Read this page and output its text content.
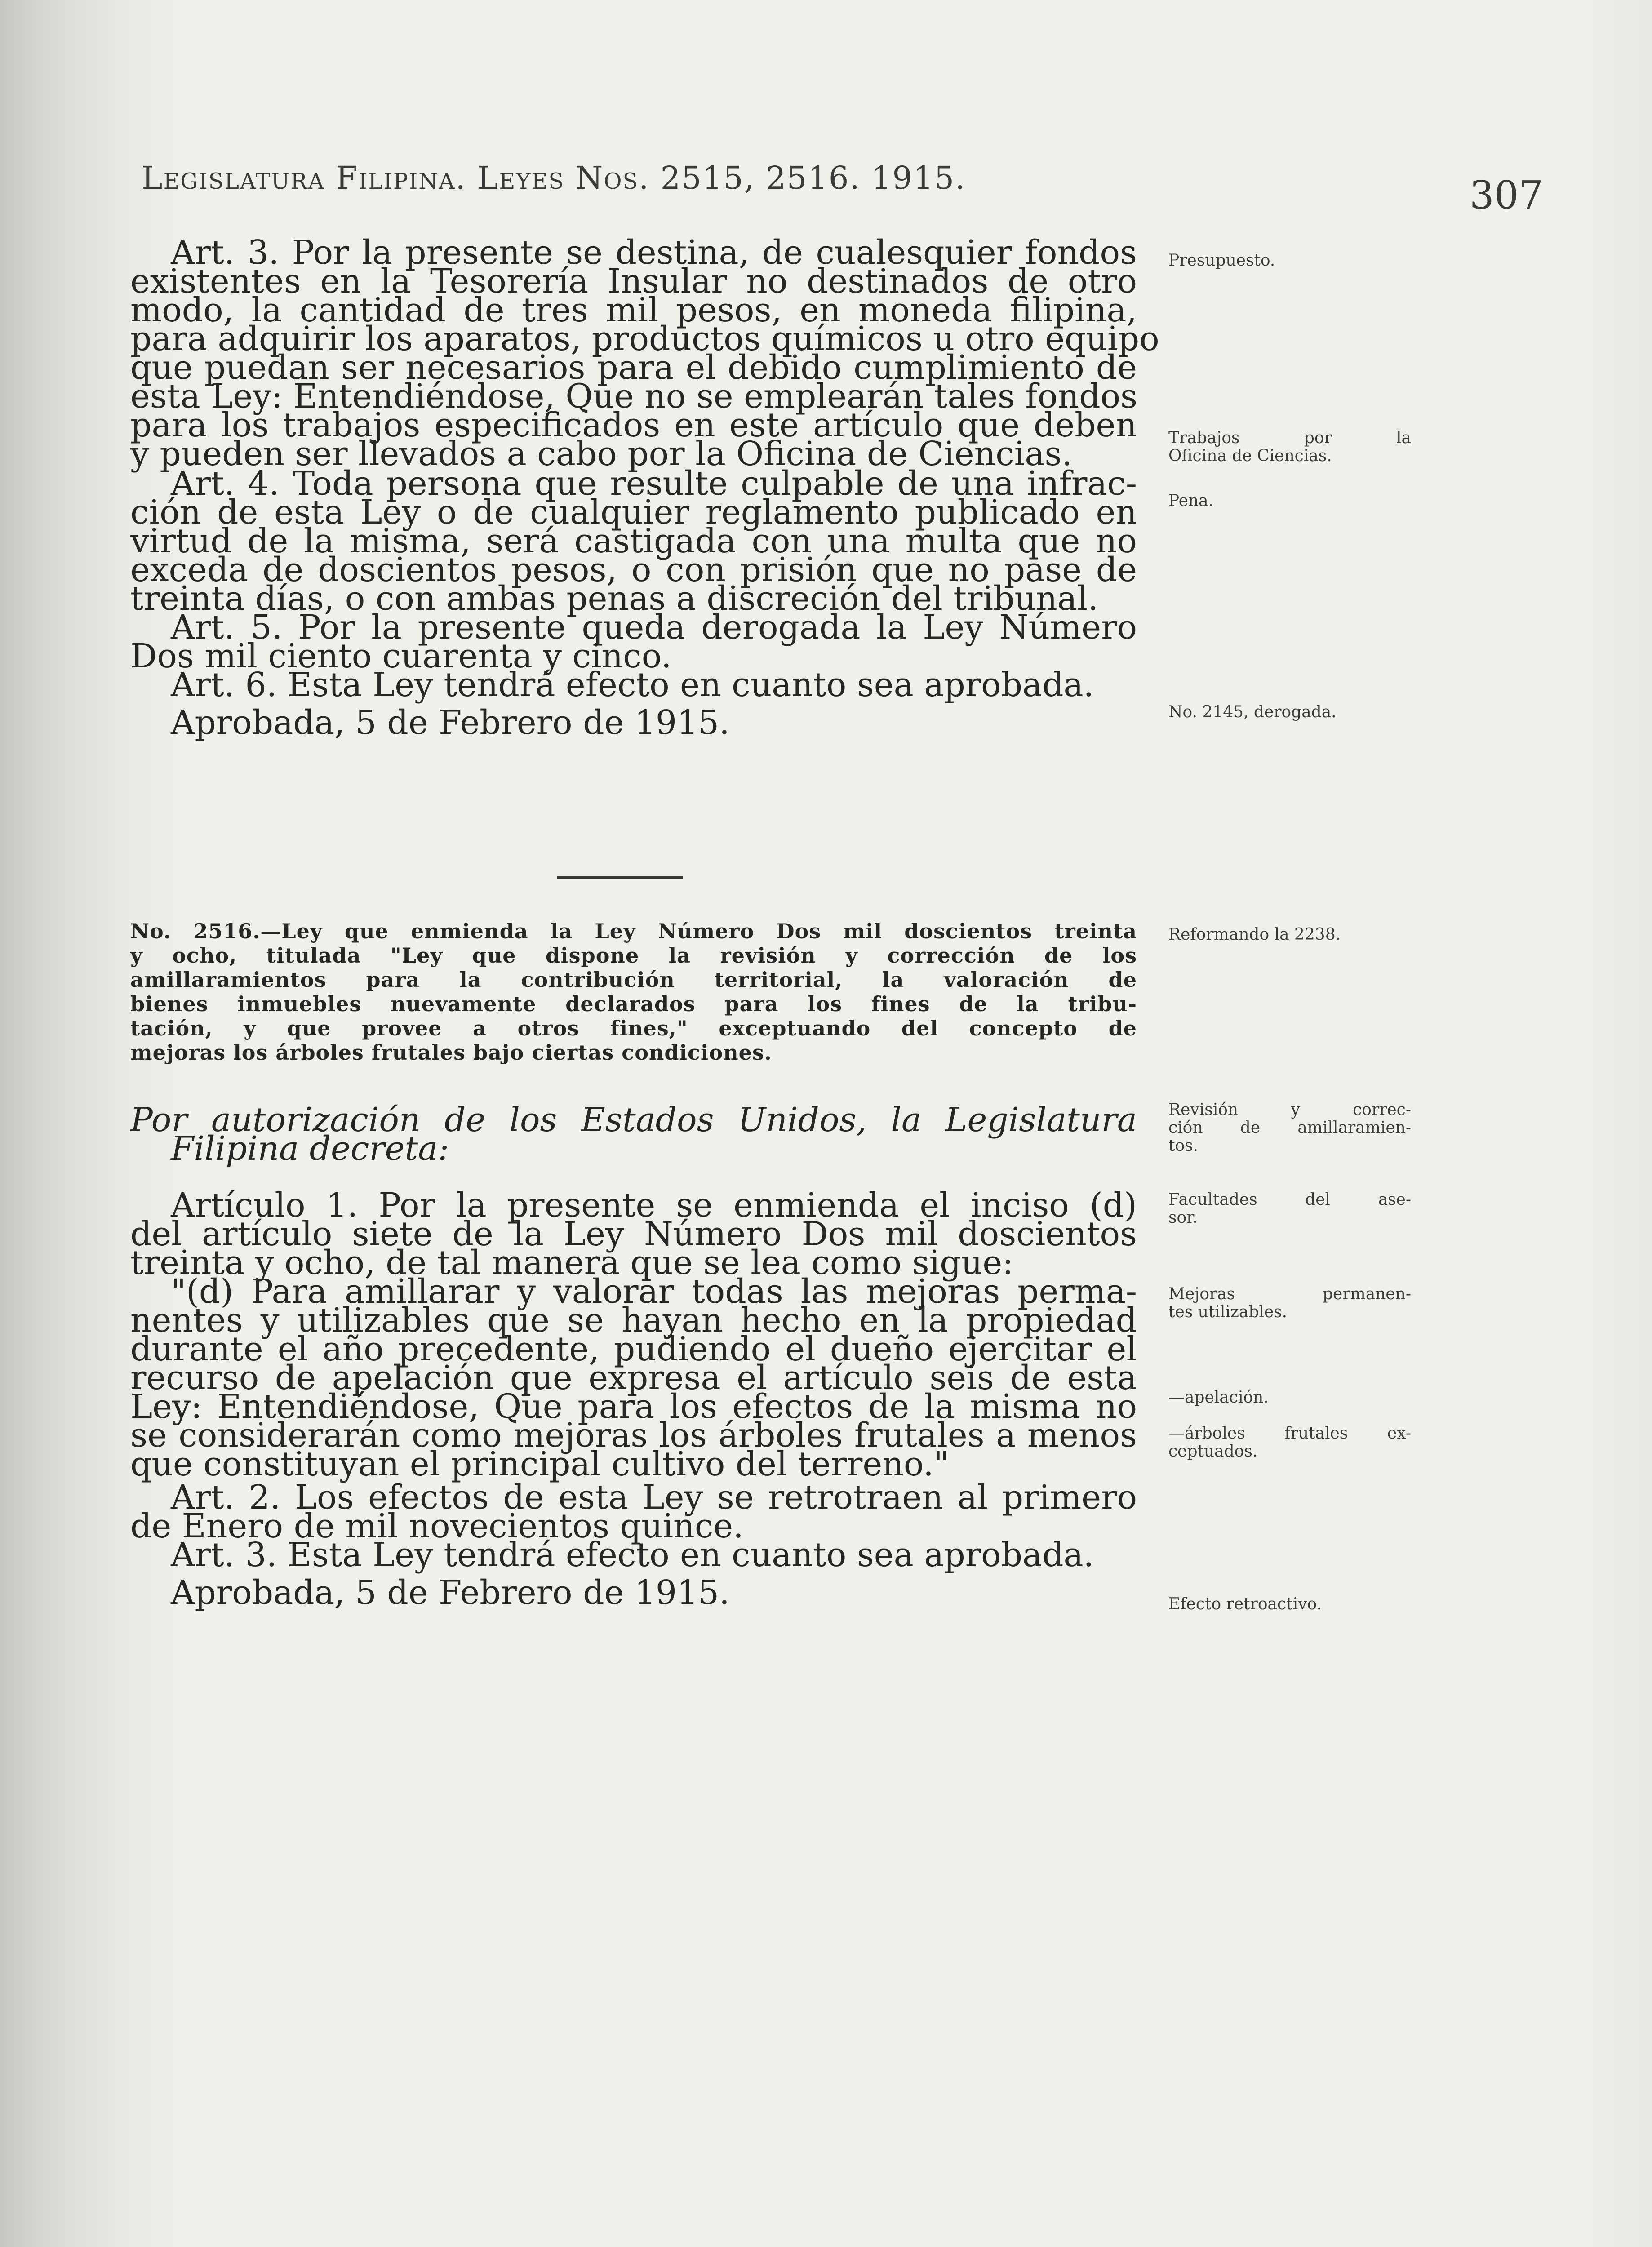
Legislatura Filipina. Leyes Nos. 2515, 2516. 1915.	307
Art. 3. Por la presente se destina, de cualesquier fondos
existentes en la Tesorería Insular no destinados de otro
modo, la cantidad de tres mil pesos, en moneda filipina,
para adquirir los aparatos, productos químicos u otro equipo
que puedan ser necesarios para el debido cumplimiento de
esta Ley: Entendiéndose, Que no se emplearán tales fondos
para los trabajos especificados en este artículo que deben
y pueden ser llevados a cabo por la Oficina de Ciencias.
Art. 4. Toda persona que resulte culpable de una infrac-
ción de esta Ley o de cualquier reglamento publicado en
virtud de la misma, será castigada con una multa que no
exceda de doscientos pesos, o con prisión que no pase de
treinta días, o con ambas penas a discreción del tribunal.
Art. 5. Por la presente queda derogada la Ley Número
Dos mil ciento cuarenta y cinco.
Art. 6. Esta Ley tendrá efecto en cuanto sea aprobada.
Aprobada, 5 de Febrero de 1915.
No. 2516.—Ley que enmienda la Ley Número Dos mil doscientos treinta
y ocho, titulada "Ley que dispone la revisión y corrección de los
amillaramientos para la contribución territorial, la valoración de
bienes inmuebles nuevamente declarados para los fines de la tribu-
tación, y que provee a otros fines," exceptuando del concepto de
mejoras los árboles frutales bajo ciertas condiciones.
Por autorización de los Estados Unidos, la Legislatura
Filipina decreta:
Artículo 1. Por la presente se enmienda el inciso (d)
del artículo siete de la Ley Número Dos mil doscientos
treinta y ocho, de tal manera que se lea como sigue:
"(d) Para amillarar y valorar todas las mejoras perma-
nentes y utilizables que se hayan hecho en la propiedad
durante el año precedente, pudiendo el dueño ejercitar el
recurso de apelación que expresa el artículo seis de esta
Ley: Entendiéndose, Que para los efectos de la misma no
se considerarán como mejoras los árboles frutales a menos
que constituyan el principal cultivo del terreno."
Art. 2. Los efectos de esta Ley se retrotraen al primero
de Enero de mil novecientos quince.
Art. 3. Esta Ley tendrá efecto en cuanto sea aprobada.
Aprobada, 5 de Febrero de 1915.
Presupuesto.
Trabajos por la
Oficina de Ciencias.
Pena.
No. 2145, derogada.
Reformando la 2238.
Revisión y correc-
ción de amillaramien-
tos.
Facultades del ase-
sor.
Mejoras permanen-
tes utilizables.
—apelación.
—árboles frutales ex-
ceptuados.
Efecto retroactivo.
